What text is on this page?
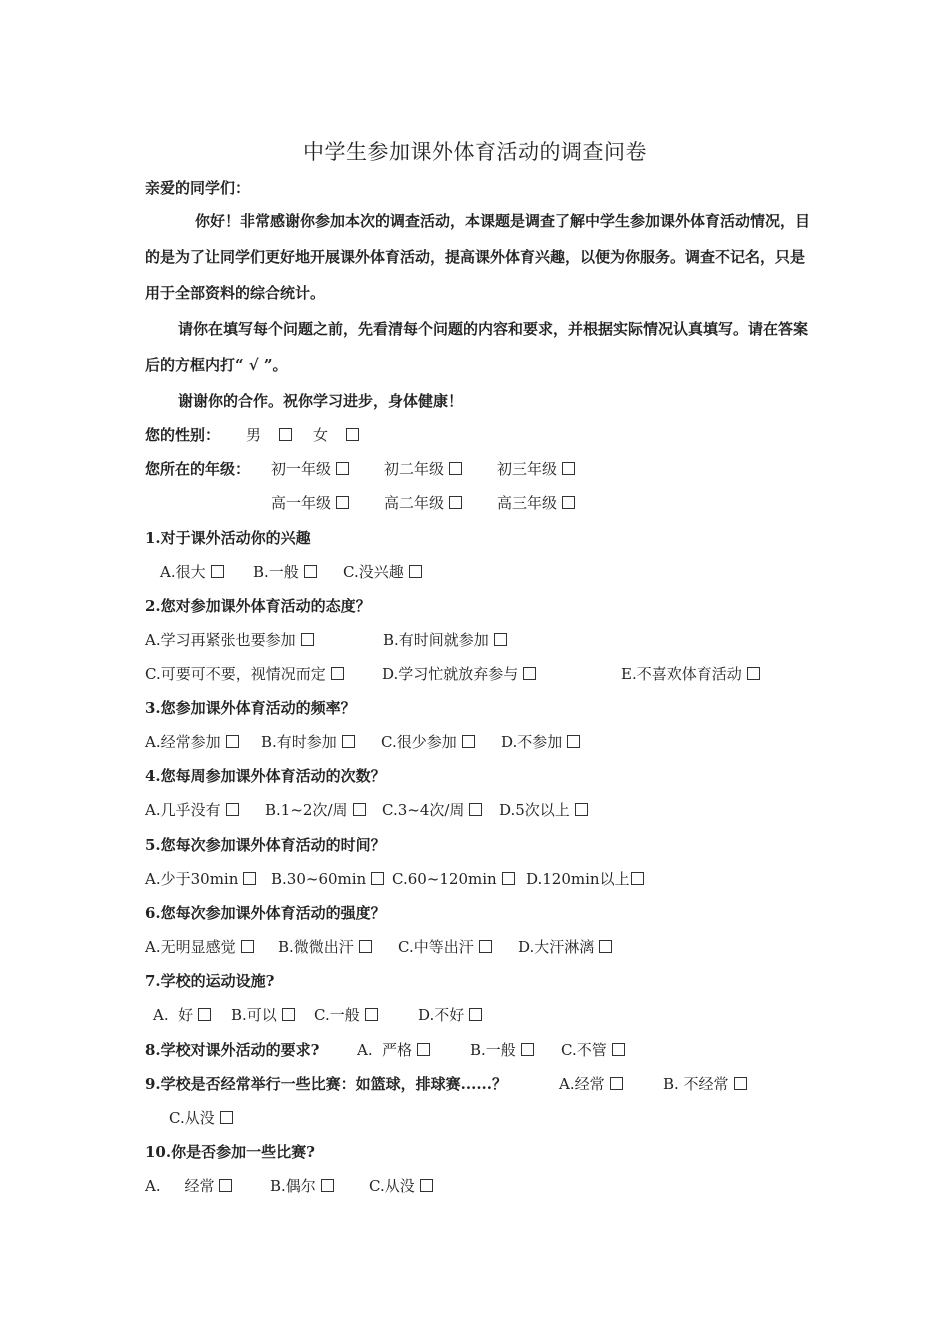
中学生参加课外体育活动的调查问卷
亲爱的同学们：
你好！非常感谢你参加本次的调查活动，本课题是调查了解中学生参加课外体育活动情况，目的是为了让同学们更好地开展课外体育活动，提高课外体育兴趣，以便为你服务。调查不记名，只是用于全部资料的综合统计。
请你在填写每个问题之前，先看清每个问题的内容和要求，并根据实际情况认真填写。请在答案后的方框内打“ √ ”。
谢谢你的合作。祝你学习进步，身体健康！
您的性别： 男	女
您所在的年级： 初一年级	初二年级	初三年级
高一年级	高二年级	高三年级
1.对于课外活动你的兴趣
A.很大	B.一般	C.没兴趣
2.您对参加课外体育活动的态度？
A.学习再紧张也要参加	B.有时间就参加
C.可要可不要，视情况而定	D.学习忙就放弃参与	E.不喜欢体育活动
3.您参加课外体育活动的频率？
A.经常参加	B.有时参加	C.很少参加	D.不参加
4.您每周参加课外体育活动的次数？
A.几乎没有	B.1~2次/周	C.3~4次/周	D.5次以上
5.您每次参加课外体育活动的时间？
A.少于30min	B.30~60min	C.60~120min	D.120min以上
6.您每次参加课外体育活动的强度？
A.无明显感觉	B.微微出汗	C.中等出汗	D.大汗淋漓
7.学校的运动设施?
A.  好	B.可以	C.一般	D.不好
8.学校对课外活动的要求?	A.  严格	B.一般	C.不管
9.学校是否经常举行一些比赛：如篮球，排球赛......？	A.经常	B. 不经常
C.从没
10.你是否参加一些比赛?
A.     经常	B.偶尔	C.从没
